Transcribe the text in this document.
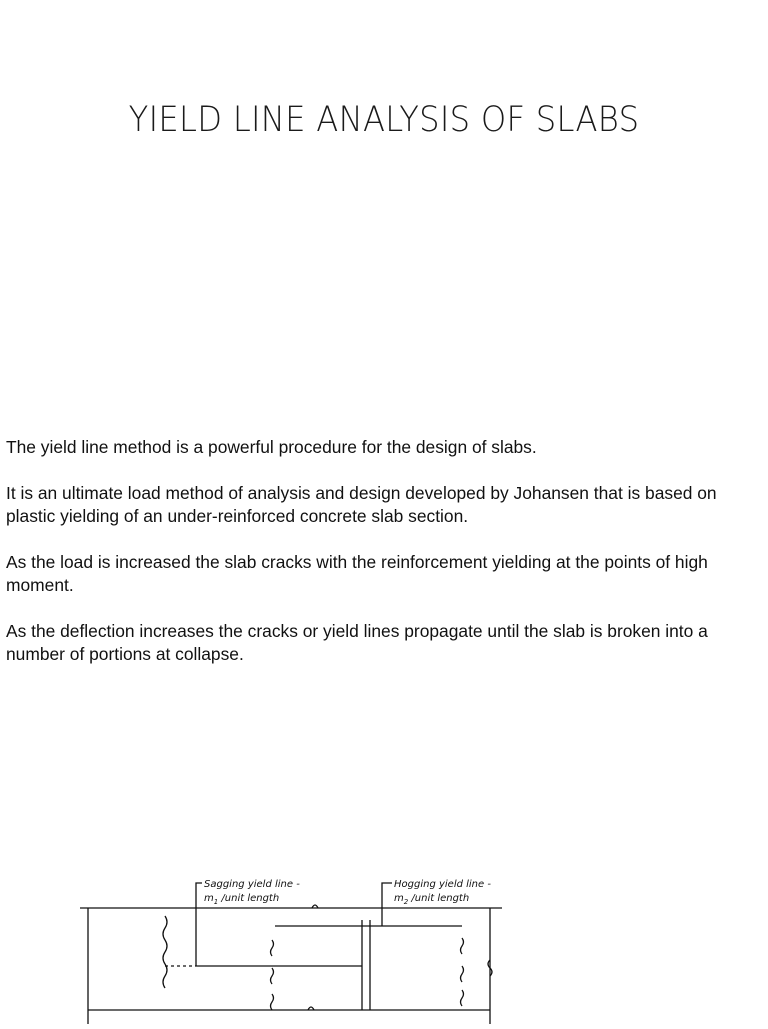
YIELD LINE ANALYSIS OF SLABS

The yield line method is a powerful procedure for the design of slabs.

It is an ultimate load method of analysis and design developed by Johansen that is based on plastic yielding of an under-reinforced concrete slab section.

As the load is increased the slab cracks with the reinforcement yielding at the points of high moment.

As the deflection increases the cracks or yield lines propagate until the slab is broken into a number of portions at collapse.

Sagging yield line -
$m_1$ /unit length
Hogging yield line -
$m_2$ /unit length
